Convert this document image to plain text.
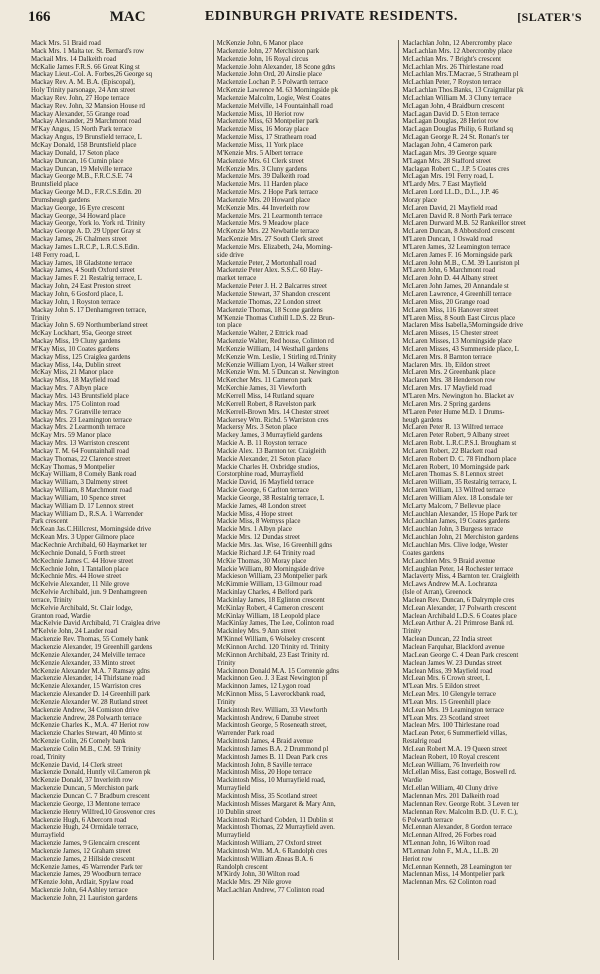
166	MAC	EDINBURGH PRIVATE RESIDENTS.	[SLATER'S
Mack Mrs. 51 Braid road
Mack Mrs. 1 Malta ter. St. Bernard's row
Mackail Mrs. 14 Dalkeith road
McKalie James F.R.S. 66 Great King st
Mackay Lieut.-Col. A. Forbes,26 George sq
Mackay Rev. A. M. B.A. (Episcopal),
Holy Trinity parsonage, 24 Ann street
Mackay Rev. John, 27 Hope terrace
Mackay Rev. John, 32 Mansion House rd
Mackay Alexander, 55 Grange road
Mackay Alexander, 29 Marchmont road
M'Kay Angus, 15 North Park terrace
Mackay Angus, 19 Brunsfield terrace, L
McKay Donald, 158 Bruntsfield place
Mackay Donald, 17 Seton place
Mackay Duncan, 16 Cumin place
Mackay Duncan, 19 Melville terrace
Mackay George M.B., F.R.C.S.E. 74
Bruntsfield place
Mackay George M.D., F.R.C.S.Edin. 20
Drumsheugh gardens
Mackay George, 16 Eyre crescent
Mackay George, 34 Howard place
Mackay George, York lo. York rd. Trinity
Mackay George A. D. 29 Upper Gray st
Mackay James, 26 Chalmers street
Mackay James L.R.C.P., L.R.C.S.Edin.
148 Ferry road, L
Mackay James, 18 Gladstone terrace
Mackay James, 4 South Oxford street
Mackay James F. 21 Restalrig terrace, L
Mackay John, 24 East Preston street
Mackay John, 6 Gosford place, L
Mackay John, 1 Royston terrace
Mackay John S. 17 Denhamgreen terrace,
Trinity
Mackay John S. 69 Northumberland street
McKay Lockhart, 95a, George street
Mackay Miss, 19 Cluny gardens
M'Kay Miss, 10 Coates gardens
Mackay Miss, 125 Craiglea gardens
Mackay Miss, 14a, Dublin street
McKay Miss, 21 Manor place
Mackay Miss, 18 Mayfield road
Mackay Mrs. 7 Albyn place
Mackay Mrs. 143 Bruntsfield place
Mackay Mrs. 175 Colinton road
Mackay Mrs. 7 Granville terrace
Mackay Mrs. 23 Leamington terrace
Mackay Mrs. 2 Learmonth terrace
McKay Mrs. 59 Manor place
Mackay Mrs. 13 Warriston crescent
Mackay T. M. 64 Fountainhall road
Mackay Thomas, 22 Clarence street
McKay Thomas, 9 Montpelier
McKay William, 8 Comely Bank road
Mackay William, 3 Dalmeny street
Mackay William, 8 Marchmont road
Mackay William, 10 Spence street
Mackay William D. 17 Lennox street
Mackay William D., R.S.A. 1 Warrender
Park crescent
McKean Jas.C.Hillcrest, Morningside drive
McKean Mrs. 3 Upper Gilmore place
MacKechnie Archibald, 60 Haymarket ter
McKechnie Donald, 5 Forth street
McKechnie James C. 44 Howe street
McKechnie John, 1 Tantallon place
McKechnie Mrs. 44 Howe street
McKelvie Alexander, 11 Nile grove
McKelvie Archibald, jun. 9 Denhamgreen
terrace, Trinity
McKelvie Archibald, St. Clair lodge,
Granton road, Wardie
MacKelvie David Archibald, 71 Craiglea drive
M'Kelvie John, 24 Lauder road
Mackenzie Rev. Thomas, 55 Comely bank
Mackenzie Alexander, 19 Greenhill gardens
McKenzie Alexander, 24 Melville terrace
McKenzie Alexander, 33 Minto street
McKenzie Alexander M.A. 7 Ramsay gdns
Mackenzie Alexander, 14 Thirlstane road
McKenzie Alexander, 15 Warriston cres
Mackenzie Alexander D. 14 Greenhill park
McKenzie Alexander W. 28 Rutland street
Mackenzie Andrew, 34 Comiston drive
Mackenzie Andrew, 28 Polwarth terrace
McKenzie Charles K., M.A. 47 Heriot row
Mackenzie Charles Stewart, 40 Minto st
McKenzie Colin, 26 Comely bank
Mackenzie Colin M.B., C.M. 59 Trinity
road, Trinity
McKenzie David, 14 Clerk street
Mackenzie Donald, Huntly vil.Cameron pk
McKenzie Donald, 37 Inverleith row
Mackenzie Duncan, 5 Merchiston park
Mackenzie Duncan C. 7 Bradburn crescent
Mackenzie George, 13 Mentone terrace
Mackenzie Henry Wilfred,10 Grosvenor cres
Mackenzie Hugh, 6 Abercorn road
Mackenzie Hugh, 24 Ormidale terrace,
Murrayfield
Mackenzie James, 9 Glencairn crescent
Mackenzie James, 12 Graham street
Mackenzie James, 2 Hillside crescent
McKenzie James, 45 Warrender Park ter
Mackenzie James, 29 Woodburn terrace
M'Kenzie John, Ardlair, Spylaw road
Mackenzie John, 64 Ashley terrace
Mackenzie John, 21 Lauriston gardens
McKenzie John, 6 Manor place
Mackenzie John, 27 Merchiston park
Mackenzie John, 16 Royal circus
Mackenzie John Alexander, 18 Scone gdns
Mackenzie John Ord, 20 Ainslie place
Mackenzie Lochan P. 5 Polwarth terrace
McKenzie Lawrence M. 63 Morningside pk
Mackenzie Malcolm, Logie, West Coates
Mackenzie Melville, 14 Fountainhall road
Mackenzie Miss, 10 Heriot row
Mackenzie Miss, 63 Montpelier park
Mackenzie Miss, 16 Moray place
Mackenzie Miss, 17 Strathearn road
Mackenzie Miss, 11 York place
M'Kenzie Mrs. 5 Albert terrace
Mackenzie Mrs. 61 Clerk street
McKenzie Mrs. 3 Cluny gardens
Mackenzie Mrs. 39 Dalkeith road
Mackenzie Mrs. 11 Harden place
Mackenzie Mrs. 2 Hope Park terrace
Mackenzie Mrs. 20 Howard place
McKenzie Mrs. 44 Inverleith row
Mackenzie Mrs. 21 Learmonth terrace
Mackenzie Mrs. 9 Meadow place
McKenzie Mrs. 22 Newbattle terrace
MacKenzie Mrs. 27 South Clerk street
Mackenzie Mrs. Elizabeth, 24a, Morning-
side drive
Mackenzie Peter, 2 Mortonhall road
Mackenzie Peter Alex. S.S.C. 60 Hay-
market terrace
Mackenzie Peter J. H. 2 Balcarres street
Mackenzie Stewart, 37 Shandon crescent
Mackenzie Thomas, 22 London street
Mackenzie Thomas, 18 Scone gardens
M'Kenzie Thomas Cuthill L.D.S. 22 Brun-
ton place
Mackenzie Walter, 2 Ettrick road
Mackenzie Walter, Red house, Colinton rd
McKenzie William, 14 Westhall gardens
McKenzie Wm. Leslie, 1 Stirling rd.Trinity
McKenzie William Lyon, 14 Walker street
McKenzie Wm. M. 5 Duncan st. Newington
McKercher Mrs. 11 Cameron park
McKerchie James, 31 Viewforth
McKerrell Miss, 14 Rutland square
McKerrell Robert, 8 Ravelston park
McKerrell-Brown Mrs. 14 Chester street
Mackersey Wm. Richd. 5 Warriston cres
Mackersy Mrs. 3 Seton place
Mackey James, 3 Murrayfield gardens
Mackie A. B. 11 Royston terrace
Mackie Alex. 13 Barnton ter. Craigleith
Mackie Alexander, 21 Seton place
Mackie Charles H. Oxbridge studios,
Corstorphine road, Murrayfield
Mackie David, 16 Mayfield terrace
Mackie George, 6 Carlton terrace
Mackie George, 38 Restalrig terrace, L
Mackie James, 48 London street
Mackie Miss, 4 Hope street
Mackie Miss, 8 Wemyss place
Mackie Mrs. 1 Albyn place
Mackie Mrs. 12 Dundas street
Mackie Mrs. Jas. Wise, 16 Greenhill gdns
Mackie Richard J.P. 64 Trinity road
McKie Thomas, 30 Moray place
Mackie William, 80 Morningside drive
Mackieson William, 23 Montpelier park
McKimmie William, 13 Gilmour road
Mackinlay Charles, 4 Belford park
Mackinlay James, 18 Eglinton crescent
McKinlay Robert, 4 Cameron crescent
McKinlay William, 18 Leopold place
MacKinlay James, The Lee, Colinton road
Mackinley Mrs. 9 Ann street
M'Kinnel William, 6 Wolseley crescent
McKinnon Archd. 120 Trinity rd. Trinity
McKinnon Archibald, 23 East Trinity rd.
Trinity
Mackinnon Donald M.A. 15 Corrennie gdns
Mackinnon Geo. J. 3 East Newington pl
Mackinnon James, 12 Lygon road
McKinnon Miss, 5 Laverockbank road,
Trinity
Mackintosh Rev. William, 33 Viewforth
Mackintosh Andrew, 6 Danube street
Mackintosh George, 5 Roseneath street,
Warrender Park road
Mackintosh James, 4 Braid avenue
Mackintosh James B.A. 2 Drummond pl
Mackintosh James B. 11 Dean Park cres
Mackintosh John, 8 Saville terrace
Mackintosh Miss, 20 Hope terrace
Mackintosh Miss, 10 Murrayfield road,
Murrayfield
Mackintosh Miss, 35 Scotland street
Mackintosh Misses Margaret & Mary Ann,
10 Dublin street
Mackintosh Richard Cobden, 11 Dublin st
Mackintosh Thomas, 22 Murrayfield aven.
Murrayfield
Mackintosh William, 27 Oxford street
Mackintosh Wm. M.A. 6 Randolph cres
Mackintosh William Æneas B.A. 6
Randolph crescent
M'Kirdy John, 30 Wilton road
Mackle Mrs. 29 Nile grove
MacLachlan Andrew, 77 Colinton road
Maclachlan John, 12 Abercromby place
MacLachlan Mrs. 12 Abercromby place
McLachlan Mrs. 7 Bright's crescent
McLachlan Mrs. 26 Thirlestane road
McLachlan Mrs.T.Macrae, 5 Strathearn pl
McLachlan Peter, 7 Royston terrace
MacLachlan Thos.Banks, 13 Craigmillar pk
McLachlan William M. 3 Cluny terrace
McLagan John, 4 Braidburn crescent
MacLagan David D. 5 Eton terrace
MacLagan Douglas, 28 Heriot row
MacLagan Douglas Philip, 6 Rutland sq
McLagan George R. 24 St. Ronan's ter
Maclagan John, 4 Cameron park
MacLagan Mrs. 39 George square
M'Lagan Mrs. 28 Stafford street
Maclagan Robert C., J.P. 5 Coates cres
McLagan Mrs. 191 Ferry road, L
M'Lardy Mrs. 7 East Mayfield
McLaren Lord LL.D., D.L., J.P. 46
Moray place
McLaren David, 21 Mayfield road
McLaren David R. 8 North Park terrace
McLaren Durward M.B. 52 Rankeillor street
McLaren Duncan, 8 Abbotsford crescent
M'Laren Duncan, 1 Oswald road
M'Laren James, 32 Leamington terrace
McLaren James F. 16 Morningside park
McLaren John M.B., C.M. 39 Lauriston pl
M'Laren John, 6 Marchmont road
McLaren John D. 44 Albany street
McLaren John James, 20 Annandale st
McLaren Lawrence, 4 Greenhill terrace
McLaren Miss, 20 Grange road
McLaren Miss, 116 Hanover street
M'Laren Miss, 8 South East Circus place
Maclaren Miss Isabella,5Morningside drive
McLaren Misses, 15 Chester street
McLaren Misses, 13 Morningside place
McLaren Misses, 43 Summerside place, L
McLaren Mrs. 8 Barnton terrace
Maclaren Mrs. 1b, Eildon street
McLaren Mrs. 2 Greenbank place
Maclaren Mrs. 38 Henderson row
McLaren Mrs. 17 Mayfield road
M'Laren Mrs. Newington ho. Blacket av
McLaren Mrs. 2 Spring gardens
M'Laren Peter Hume M.D. 1 Drums-
heugh gardens
McLaren Peter R. 13 Wilfred terrace
McLaren Peter Robert, 9 Albany street
McLaren Robt. L.R.C.P.S.I. Brougham st
McLaren Robert, 22 Blackett road
McLaren Robert D. C. 78 Findhorn place
McLaren Robert, 10 Morningside park
McLaren Thomas S. 8 Lennox street
McLaren William, 35 Restalrig terrace, L
McLaren William, 13 Wilfred terrace
McLaren William Alex. 18 Lonsdale ter
McLarty Malcom, 7 Bellevue place
McLauchlan Alexander, 15 Hope Park ter
McLauchlan James, 19 Coates gardens
McLauchlan John, 3 Burgess terrace
McLauchlan John, 21 Merchiston gardens
McLauchlan Mrs. Clive lodge, Wester
Coates gardens
McLauchlen Mrs. 9 Braid avenue
McLaughlan Peter, 14 Rochester terrace
Maclaverty Miss, 4 Barnton ter. Craigleith
McLaws Andrew M.A. Lochranza
(Isle of Arran), Greenock
Maclean Rev. Duncan, 6 Dalrymple cres
McLean Alexander, 17 Polwarth crescent
Maclean Archibald L.D.S. 6 Coates place
McLean Arthur A. 21 Primrose Bank rd.
Trinity
Maclean Duncan, 22 India street
Maclean Farquhar, Blackford avenue
MacLean George C. 4 Dean Park crescent
Maclean James W. 23 Dundas street
Maclean Miss, 39 Mayfield road
McLean Mrs. 6 Crown street, L
M'Lean Mrs. 5 Eildon street
McLean Mrs. 10 Glengyle terrace
M'Lean Mrs. 15 Greenhill place
McLean Mrs. 19 Leamington terrace
M'Lean Mrs. 23 Scotland street
Maclean Mrs. 100 Thirlestane road
MacLean Peter, 6 Summerfield villas,
Restalrig road
McLean Robert M.A. 19 Queen street
Maclean Robert, 10 Royal crescent
McLean William, 76 Inverleith row
McLellan Miss, East cottage, Boswell rd.
Wardie
McLellan William, 40 Cluny drive
Maclennan Mrs. 201 Dalkeith road
Maclennan Rev. George Robt. 3 Leven ter
Maclennan Rev. Malcolm B.D. (U. F. C.),
6 Polwarth terrace
McLennan Alexander, 8 Gordon terrace
McLennan Alfred, 26 Forbes road
M'Lennan John, 16 Wilton road
M'Lennan John F., M.A., LL.B. 20
Heriot row
McLennan Kenneth, 28 Leamington ter
Maclennan Miss, 14 Montpelier park
Maclennan Mrs. 62 Colinton road
